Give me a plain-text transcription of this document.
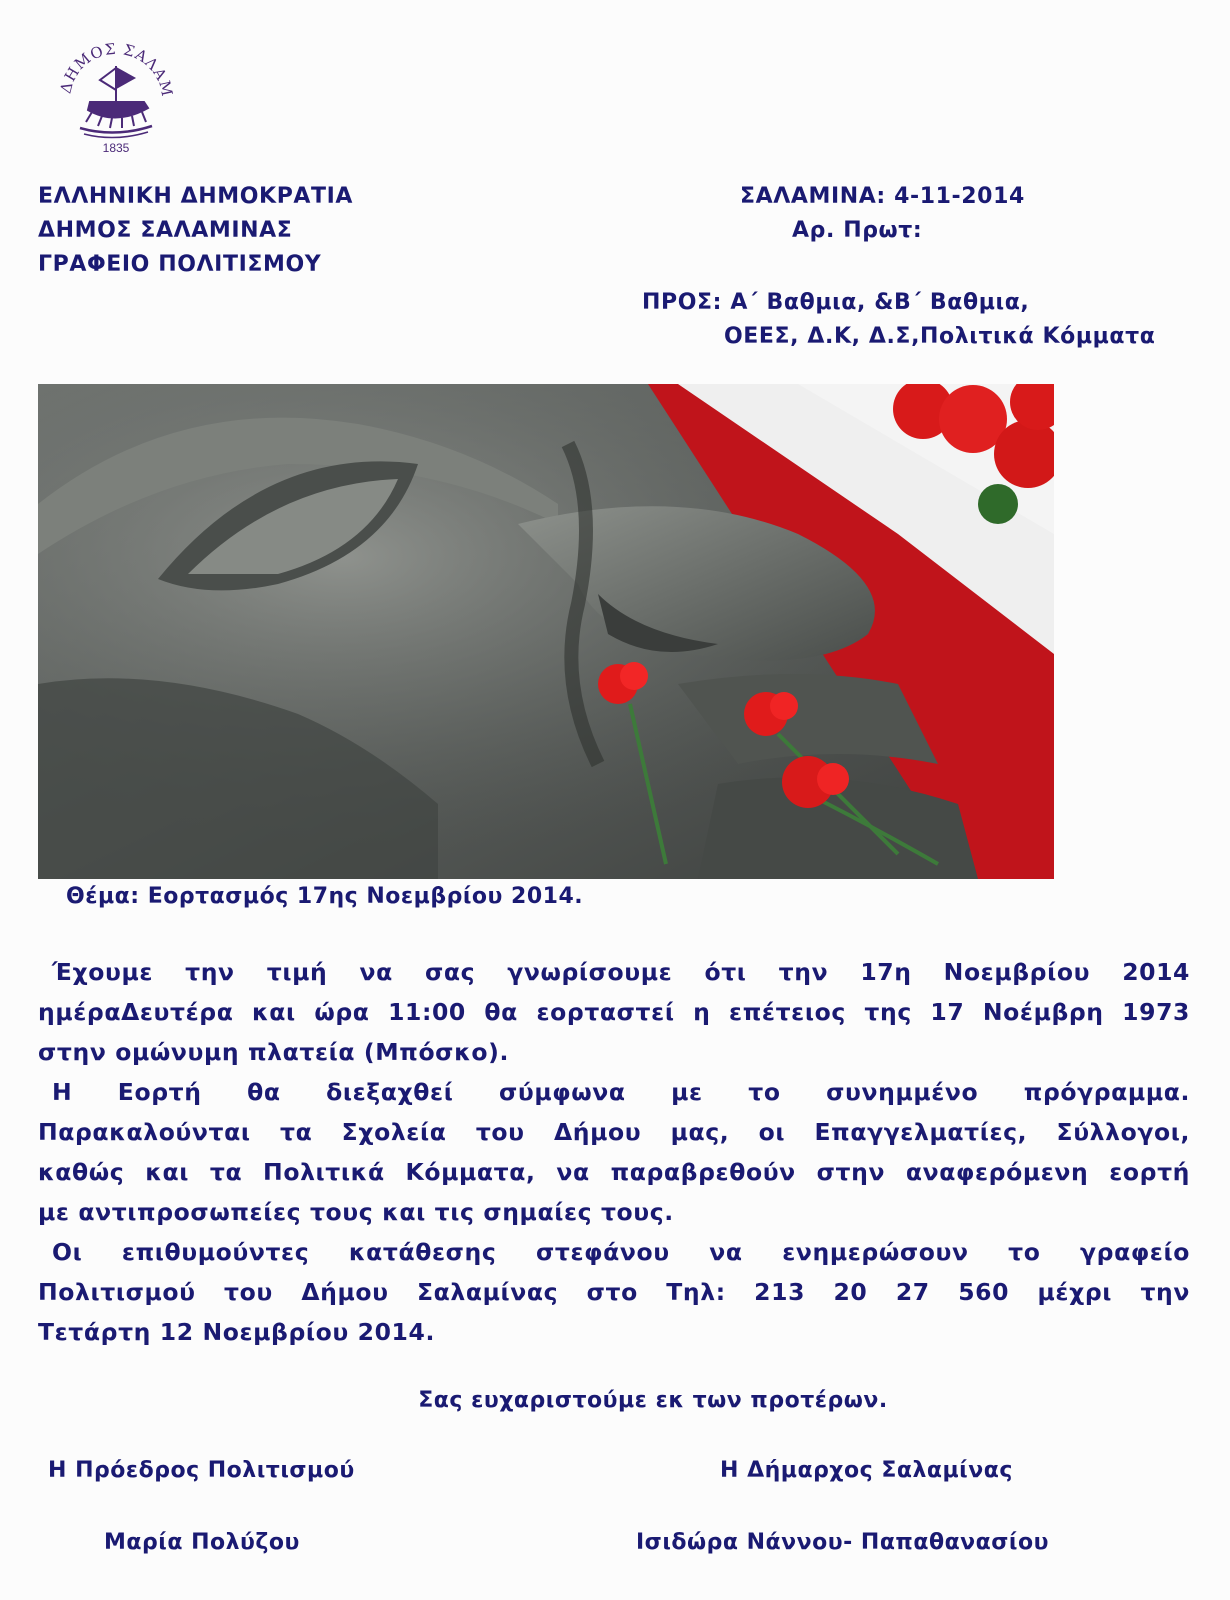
ΔΗΜΟΣ ΣΑΛΑΜ
1835
ΕΛΛΗΝΙΚΗ ΔΗΜΟΚΡΑΤΙΑ
ΔΗΜΟΣ ΣΑΛΑΜΙΝΑΣ
ΓΡΑΦΕΙΟ ΠΟΛΙΤΙΣΜΟΥ
ΣΑΛΑΜΙΝΑ: 4-11-2014
Αρ. Πρωτ:
ΠΡΟΣ: Α΄ Βαθμια, &Β΄ Βαθμια,
ΟΕΕΣ, Δ.Κ, Δ.Σ,Πολιτικά Κόμματα
Θέμα: Εορτασμός 17ης Νοεμβρίου 2014.
Έχουμε την τιμή να σας γνωρίσουμε ότι την 17η Νοεμβρίου 2014
ημέραΔευτέρα και ώρα 11:00 θα εορταστεί η επέτειος της 17 Νοέμβρη 1973
στην ομώνυμη πλατεία (Μπόσκο).
Η Εορτή θα διεξαχθεί σύμφωνα με το συνημμένο πρόγραμμα.
Παρακαλούνται τα Σχολεία του Δήμου μας, οι Επαγγελματίες, Σύλλογοι,
καθώς και τα Πολιτικά Κόμματα, να παραβρεθούν στην αναφερόμενη εορτή
με αντιπροσωπείες τους και τις σημαίες τους.
Οι επιθυμούντες κατάθεσης στεφάνου να ενημερώσουν το γραφείο
Πολιτισμού του Δήμου Σαλαμίνας στο Τηλ: 213 20 27 560 μέχρι την
Τετάρτη 12 Νοεμβρίου 2014.
Σας ευχαριστούμε εκ των προτέρων.
Η Πρόεδρος Πολιτισμού
Μαρία Πολύζου
Η Δήμαρχος Σαλαμίνας
Ισιδώρα Νάννου- Παπαθανασίου
